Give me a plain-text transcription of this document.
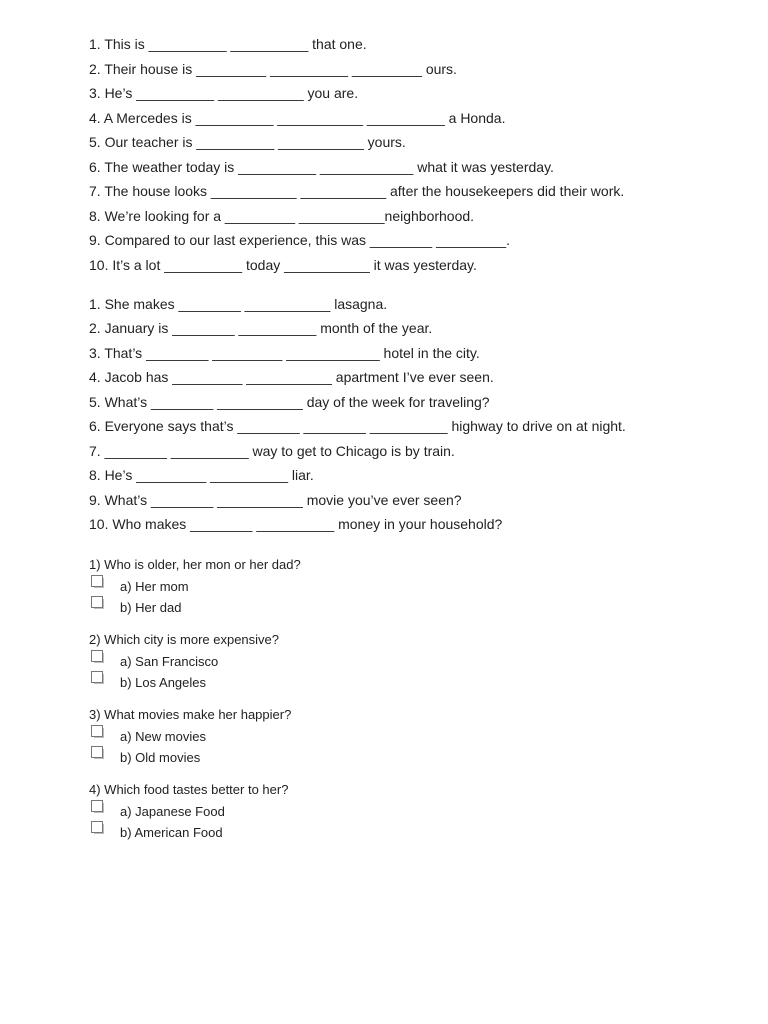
1. This is __________ __________ that one.
2. Their house is _________ __________ _________ ours.
3. He’s __________ ___________ you are.
4. A Mercedes is __________ ___________ __________ a Honda.
5. Our teacher is __________ ___________ yours.
6. The weather today is __________ ____________ what it was yesterday.
7. The house looks ___________ ___________ after the housekeepers did their work.
8. We’re looking for a _________ ___________neighborhood.
9. Compared to our last experience, this was ________ _________.
10. It’s a lot __________ today ___________ it was yesterday.
1. She makes ________ ___________ lasagna.
2. January is ________ __________ month of the year.
3. That’s ________ _________ ____________ hotel in the city.
4. Jacob has _________ ___________ apartment I’ve ever seen.
5. What’s ________ ___________ day of the week for traveling?
6. Everyone says that’s ________ ________ __________ highway to drive on at night.
7. ________ __________ way to get to Chicago is by train.
8. He’s _________ __________ liar.
9. What’s ________ ___________ movie you’ve ever seen?
10. Who makes ________ __________ money in your household?
1) Who is older, her mon or her dad?
a) Her mom
b) Her dad
2) Which city is more expensive?
a) San Francisco
b) Los Angeles
3) What movies make her happier?
a) New movies
b) Old movies
4) Which food tastes better to her?
a) Japanese Food
b) American Food
